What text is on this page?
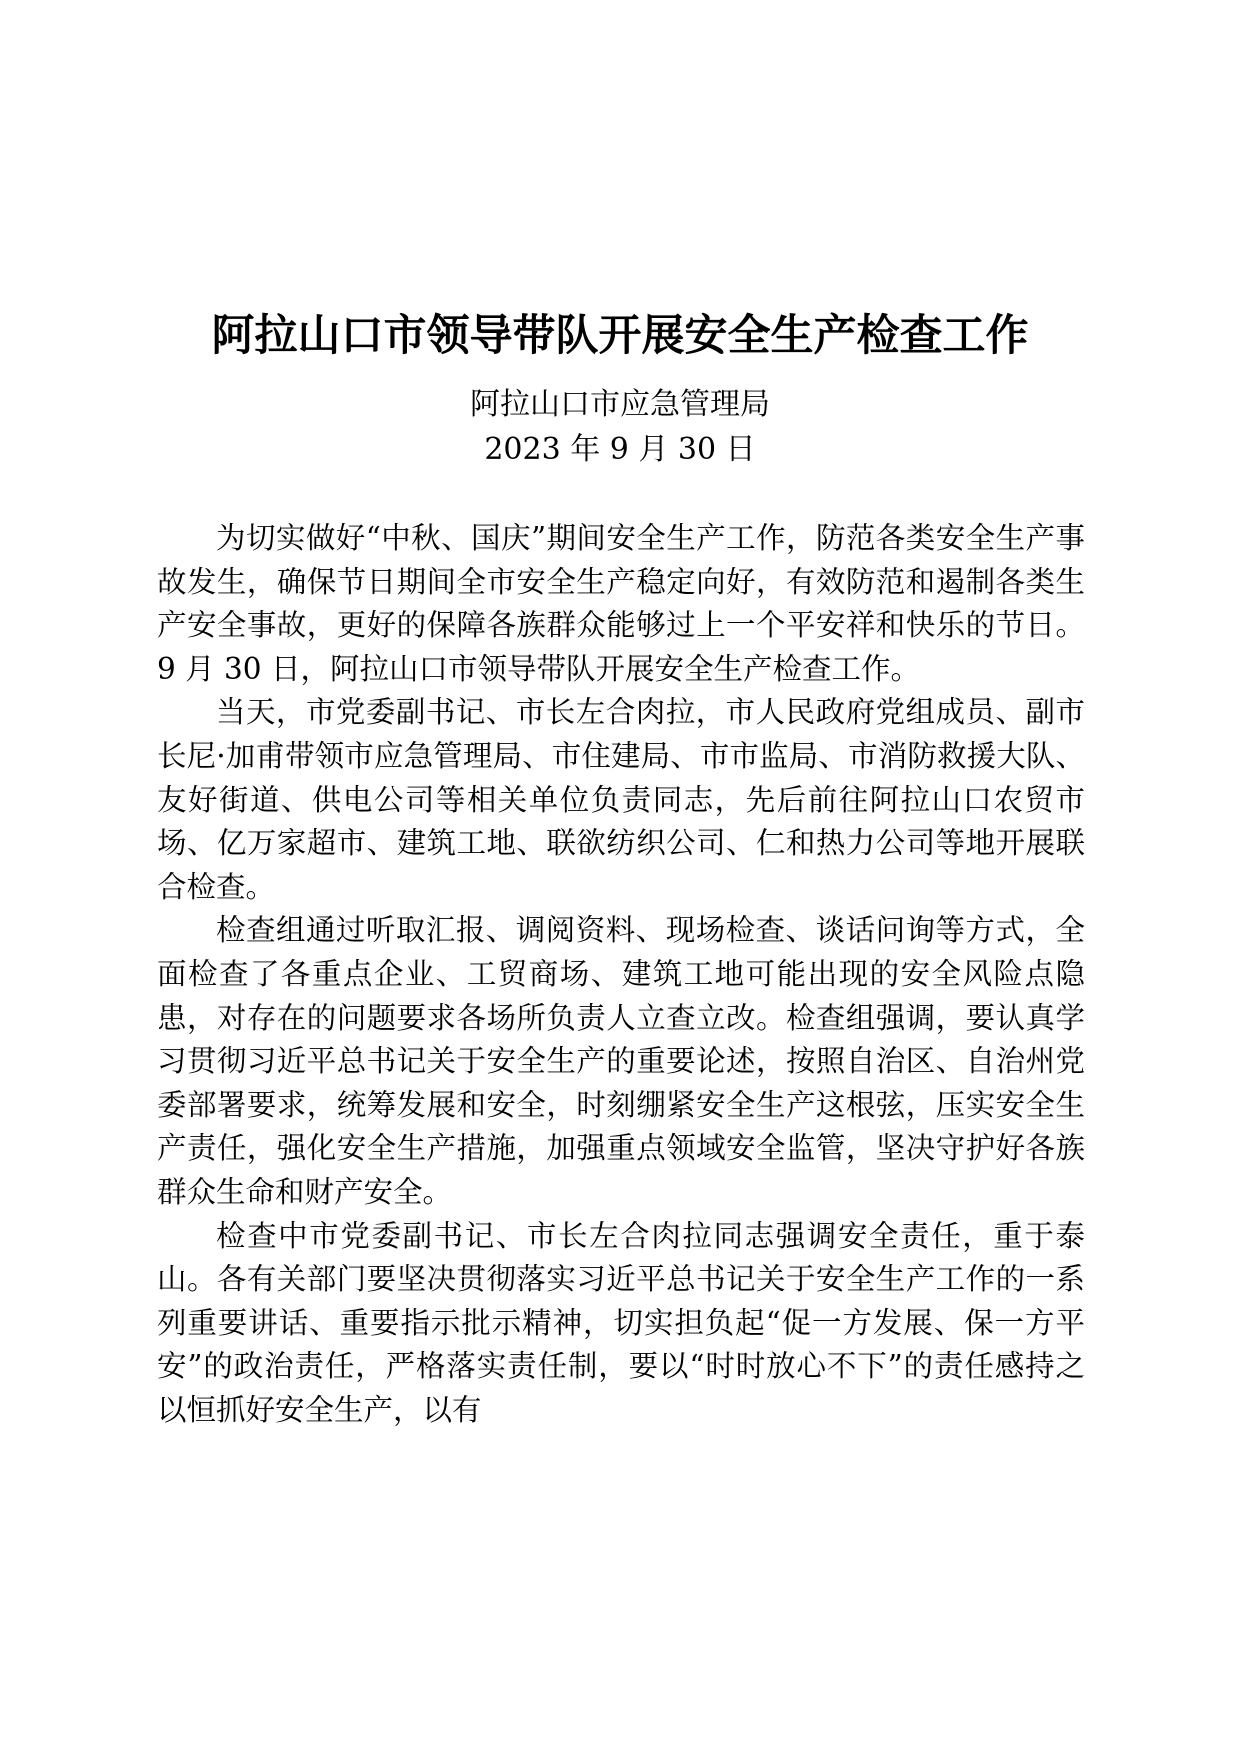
阿拉山口市领导带队开展安全生产检查工作
阿拉山口市应急管理局
2023 年 9 月 30 日

为切实做好“中秋、国庆”期间安全生产工作，防范各类安全生产事故发生，确保节日期间全市安全生产稳定向好，有效防范和遏制各类生产安全事故，更好的保障各族群众能够过上一个平安祥和快乐的节日。9 月 30 日，阿拉山口市领导带队开展安全生产检查工作。

当天，市党委副书记、市长左合肉拉，市人民政府党组成员、副市长尼·加甫带领市应急管理局、市住建局、市市监局、市消防救援大队、友好街道、供电公司等相关单位负责同志，先后前往阿拉山口农贸市场、亿万家超市、建筑工地、联欲纺织公司、仁和热力公司等地开展联合检查。

检查组通过听取汇报、调阅资料、现场检查、谈话问询等方式，全面检查了各重点企业、工贸商场、建筑工地可能出现的安全风险点隐患，对存在的问题要求各场所负责人立查立改。检查组强调，要认真学习贯彻习近平总书记关于安全生产的重要论述，按照自治区、自治州党委部署要求，统筹发展和安全，时刻绷紧安全生产这根弦，压实安全生产责任，强化安全生产措施，加强重点领域安全监管，坚决守护好各族群众生命和财产安全。

检查中市党委副书记、市长左合肉拉同志强调安全责任，重于泰山。各有关部门要坚决贯彻落实习近平总书记关于安全生产工作的一系列重要讲话、重要指示批示精神，切实担负起“促一方发展、保一方平安”的政治责任，严格落实责任制，要以“时时放心不下”的责任感持之以恒抓好安全生产，以有
